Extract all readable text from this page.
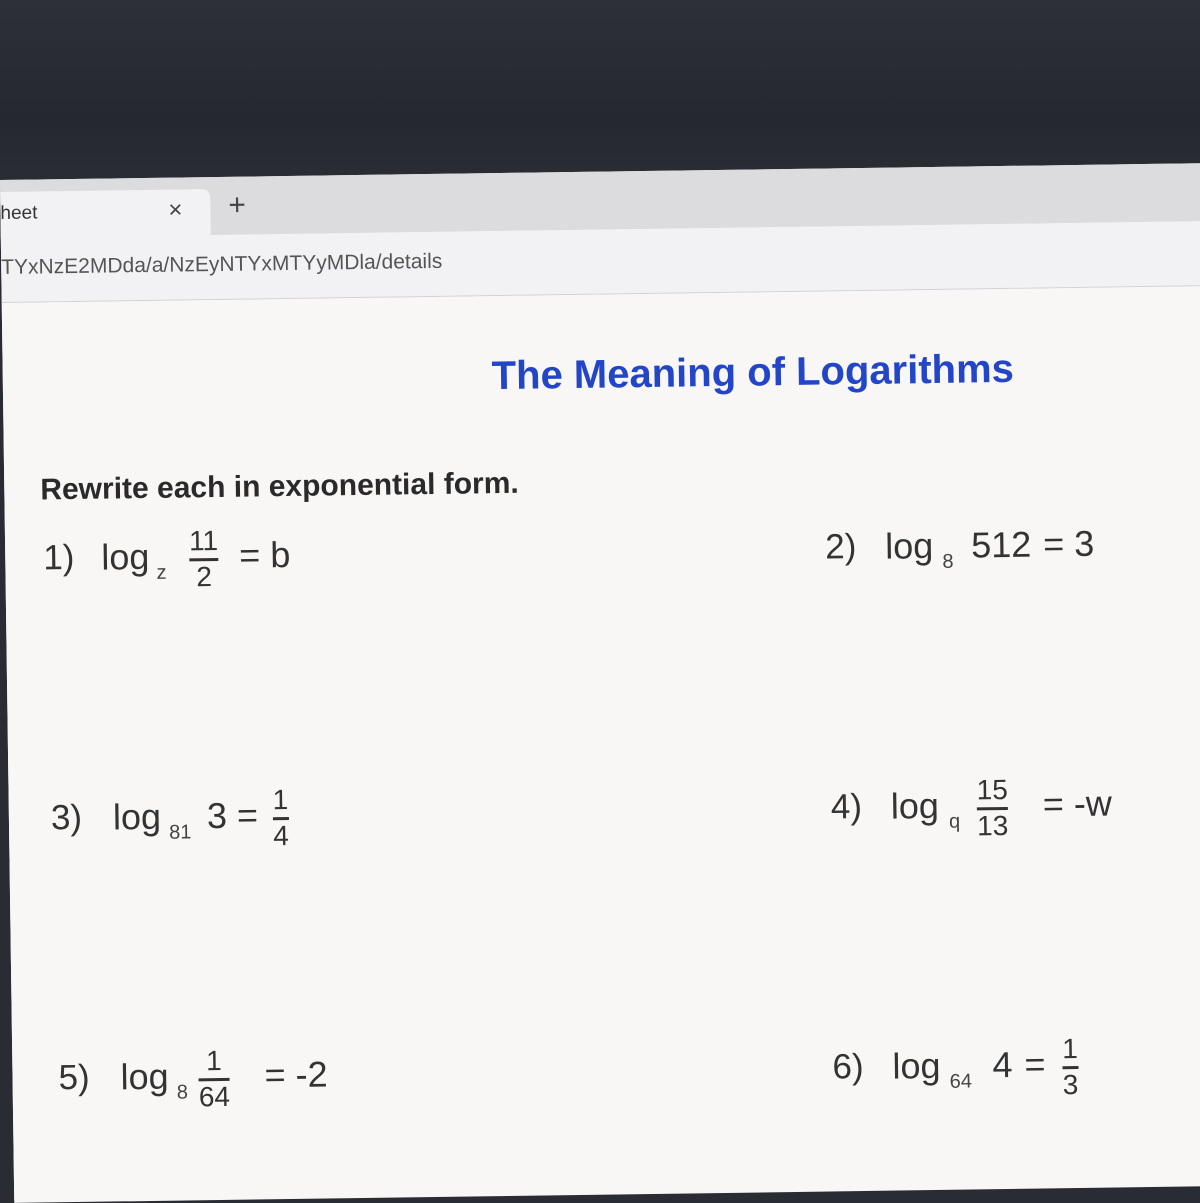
heet	× +
TYxNzE2MDda/a/NzEyNTYxMTYyMDla/details
The Meaning of Logarithms
Rewrite each in exponential form.
1) log z
11
2
= b	2) log 8 512 = 3
3) log 81 3 = 1
4
4) log q
15
13
= -w
5) log 8
1
64
= -2	6) log 64 4 = 1
3
